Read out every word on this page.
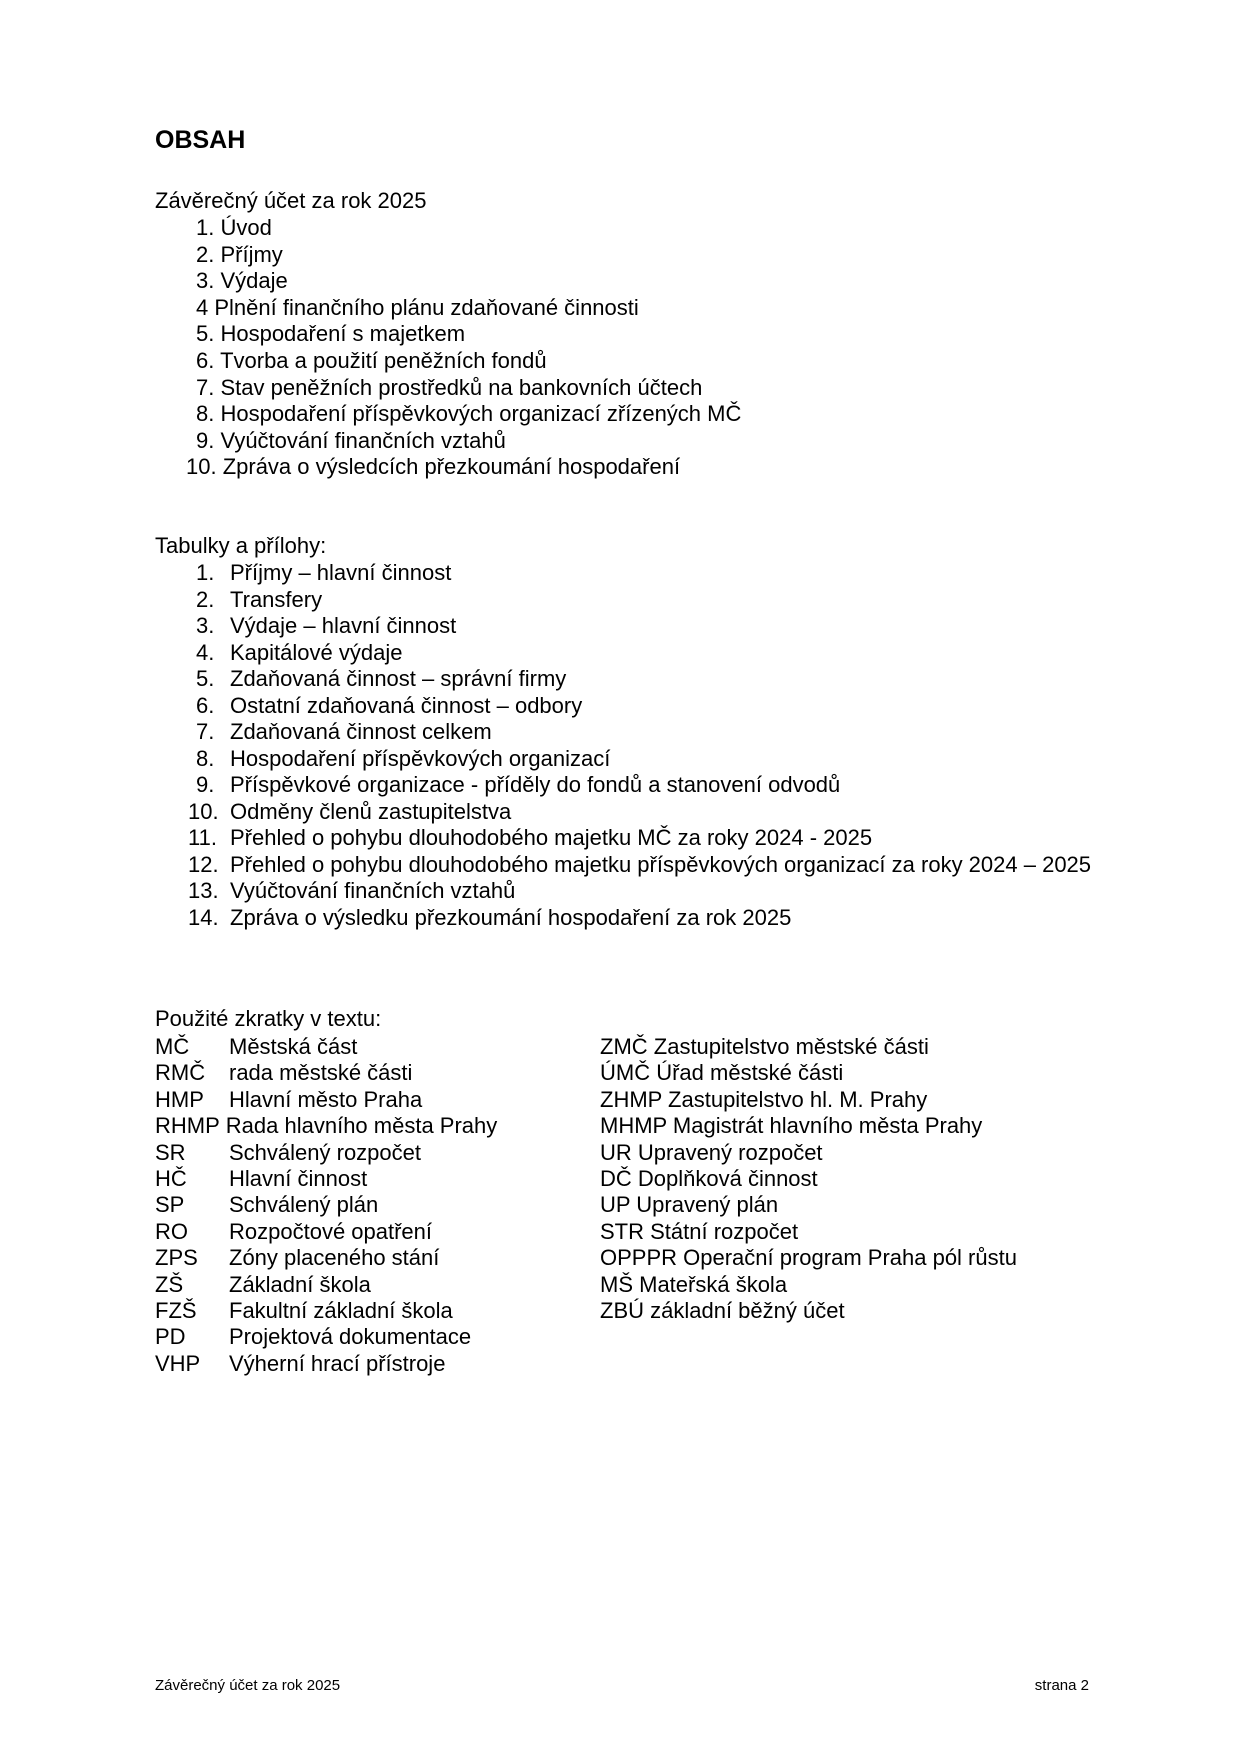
OBSAH

Závěrečný účet za rok 2025

1. Úvod
2. Příjmy
3. Výdaje
4 Plnění finančního plánu zdaňované činnosti
5. Hospodaření s majetkem
6. Tvorba a použití peněžních fondů
7. Stav peněžních prostředků na bankovních účtech
8. Hospodaření příspěvkových organizací zřízených MČ
9. Vyúčtování finančních vztahů
10. Zpráva o výsledcích přezkoumání hospodaření

Tabulky a přílohy:

1. Příjmy – hlavní činnost
2. Transfery
3. Výdaje – hlavní činnost
4. Kapitálové výdaje
5. Zdaňovaná činnost – správní firmy
6. Ostatní zdaňovaná činnost – odbory
7. Zdaňovaná činnost celkem
8. Hospodaření příspěvkových organizací
9. Příspěvkové organizace - příděly do fondů a stanovení odvodů
10. Odměny členů zastupitelstva
11. Přehled o pohybu dlouhodobého majetku MČ za roky 2024 - 2025
12. Přehled o pohybu dlouhodobého majetku příspěvkových organizací za roky 2024 – 2025
13. Vyúčtování finančních vztahů
14. Zpráva o výsledku přezkoumání hospodaření za rok 2025

Použité zkratky v textu:

MČ Městská část
RMČ rada městské části
HMP Hlavní město Praha
RHMP Rada hlavního města Prahy
SR Schválený rozpočet
HČ Hlavní činnost
SP Schválený plán
RO Rozpočtové opatření
ZPS Zóny placeného stání
ZŠ Základní škola
FZŠ Fakultní základní škola
PD Projektová dokumentace
VHP Výherní hrací přístroje
ZMČ Zastupitelstvo městské části
ÚMČ Úřad městské části
ZHMP Zastupitelstvo hl. M. Prahy
MHMP Magistrát hlavního města Prahy
UR Upravený rozpočet
DČ Doplňková činnost
UP Upravený plán
STR Státní rozpočet
OPPPR Operační program Praha pól růstu
MŠ Mateřská škola
ZBÚ základní běžný účet

Závěrečný účet za rok 2025	strana 2
